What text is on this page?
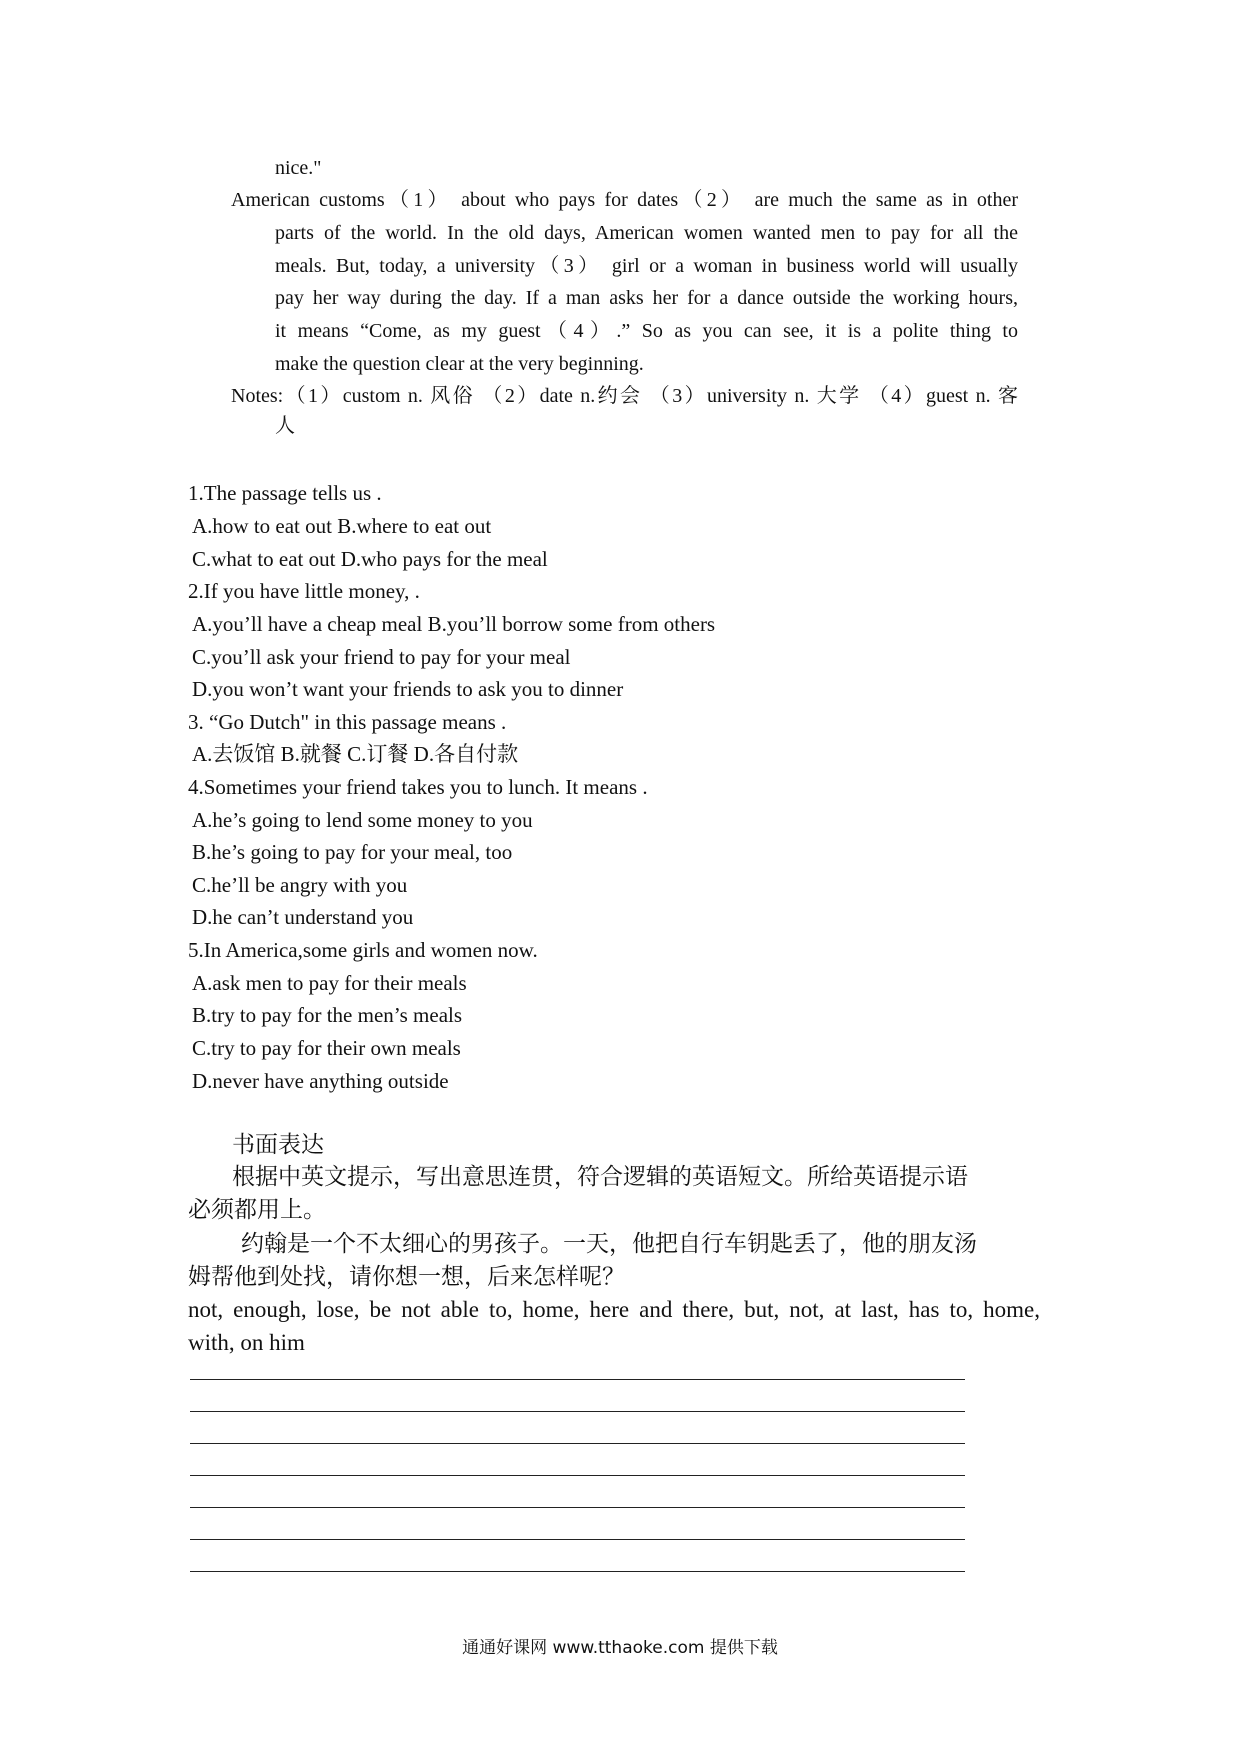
nice."
American customs（1） about who pays for dates（2） are much the same as in other
parts of the world. In the old days, American women wanted men to pay for all the
meals. But, today, a university（3） girl or a woman in business world will usually
pay her way during the day. If a man asks her for a dance outside the working hours,
it means “Come, as my guest（4）.” So as you can see, it is a polite thing to
make the question clear at the very beginning.
Notes:（1）custom n. 风俗 （2）date n.约会 （3）university n. 大学 （4）guest n. 客
人
1.The passage tells us .
A.how to eat out B.where to eat out
C.what to eat out D.who pays for the meal
2.If you have little money, .
A.you’ll have a cheap meal B.you’ll borrow some from others
C.you’ll ask your friend to pay for your meal
D.you won’t want your friends to ask you to dinner
3. “Go Dutch" in this passage means .
A.去饭馆 B.就餐 C.订餐 D.各自付款
4.Sometimes your friend takes you to lunch. It means .
A.he’s going to lend some money to you
B.he’s going to pay for your meal, too
C.he’ll be angry with you
D.he can’t understand you
5.In America,some girls and women now.
A.ask men to pay for their meals
B.try to pay for the men’s meals
C.try to pay for their own meals
D.never have anything outside
书面表达
根据中英文提示，写出意思连贯，符合逻辑的英语短文。所给英语提示语
必须都用上。
约翰是一个不太细心的男孩子。一天，他把自行车钥匙丢了，他的朋友汤
姆帮他到处找，请你想一想，后来怎样呢？
not, enough, lose, be not able to, home, here and there, but, not, at last, has to, home,
with, on him
通通好课网 www.tthaoke.com 提供下载
